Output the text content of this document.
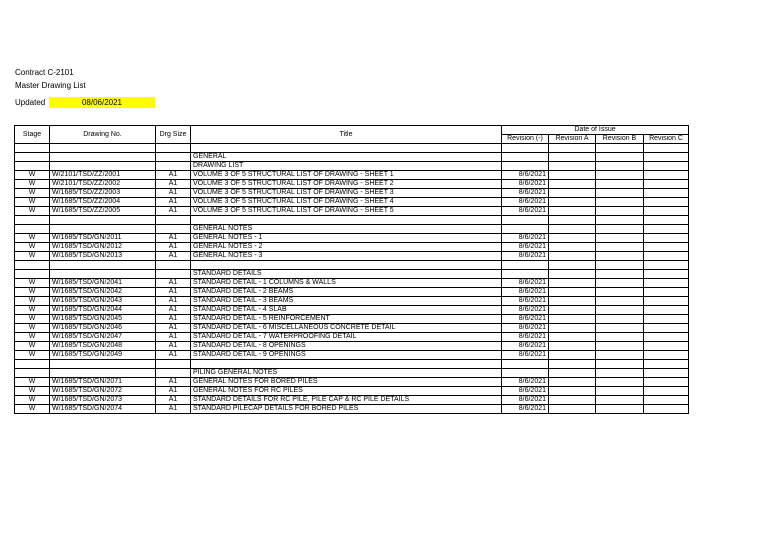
Contract C-2101
Master Drawing List
Updated	08/06/2021
Stage	Drawing No.	Drg Size	Title	Date of Issue			
				Revision (-)	Revision A	Revision B	Revision C

			GENERAL				
			DRAWING LIST				
W	W/2101/TSD/ZZ/2001	A1	VOLUME 3 OF 5 STRUCTURAL LIST OF DRAWING - SHEET 1	8/6/2021			
W	W/2101/TSD/ZZ/2002	A1	VOLUME 3 OF 5 STRUCTURAL LIST OF DRAWING - SHEET 2	8/6/2021			
W	W/1685/TSD/ZZ/2003	A1	VOLUME 3 OF 5 STRUCTURAL LIST OF DRAWING - SHEET 3	8/6/2021			
W	W/1685/TSD/ZZ/2004	A1	VOLUME 3 OF 5 STRUCTURAL LIST OF DRAWING - SHEET 4	8/6/2021			
W	W/1685/TSD/ZZ/2005	A1	VOLUME 3 OF 5 STRUCTURAL LIST OF DRAWING - SHEET 5	8/6/2021			

			GENERAL NOTES				
W	W/1685/TSD/GN/2011	A1	GENERAL NOTES - 1	8/6/2021			
W	W/1685/TSD/GN/2012	A1	GENERAL NOTES - 2	8/6/2021			
W	W/1685/TSD/GN/2013	A1	GENERAL NOTES - 3	8/6/2021			

			STANDARD DETAILS				
W	W/1685/TSD/GN/2041	A1	STANDARD DETAIL - 1 COLUMNS & WALLS	8/6/2021			
W	W/1685/TSD/GN/2042	A1	STANDARD DETAIL - 2 BEAMS	8/6/2021			
W	W/1685/TSD/GN/2043	A1	STANDARD DETAIL - 3 BEAMS	8/6/2021			
W	W/1685/TSD/GN/2044	A1	STANDARD DETAIL - 4 SLAB	8/6/2021			
W	W/1685/TSD/GN/2045	A1	STANDARD DETAIL - 5 REINFORCEMENT	8/6/2021			
W	W/1685/TSD/GN/2046	A1	STANDARD DETAIL - 6 MISCELLANEOUS CONCRETE DETAIL	8/6/2021			
W	W/1685/TSD/GN/2047	A1	STANDARD DETAIL - 7 WATERPROOFING DETAIL	8/6/2021			
W	W/1685/TSD/GN/2048	A1	STANDARD DETAIL - 8 OPENINGS	8/6/2021			
W	W/1685/TSD/GN/2049	A1	STANDARD DETAIL - 9 OPENINGS	8/6/2021			

			PILING GENERAL NOTES				
W	W/1685/TSD/GN/2071	A1	GENERAL NOTES FOR BORED PILES	8/6/2021			
W	W/1685/TSD/GN/2072	A1	GENERAL NOTES FOR RC PILES	8/6/2021			
W	W/1685/TSD/GN/2073	A1	STANDARD DETAILS FOR RC PILE, PILE CAP & RC PILE DETAILS	8/6/2021			
W	W/1685/TSD/GN/2074	A1	STANDARD PILECAP DETAILS FOR BORED PILES	8/6/2021			
